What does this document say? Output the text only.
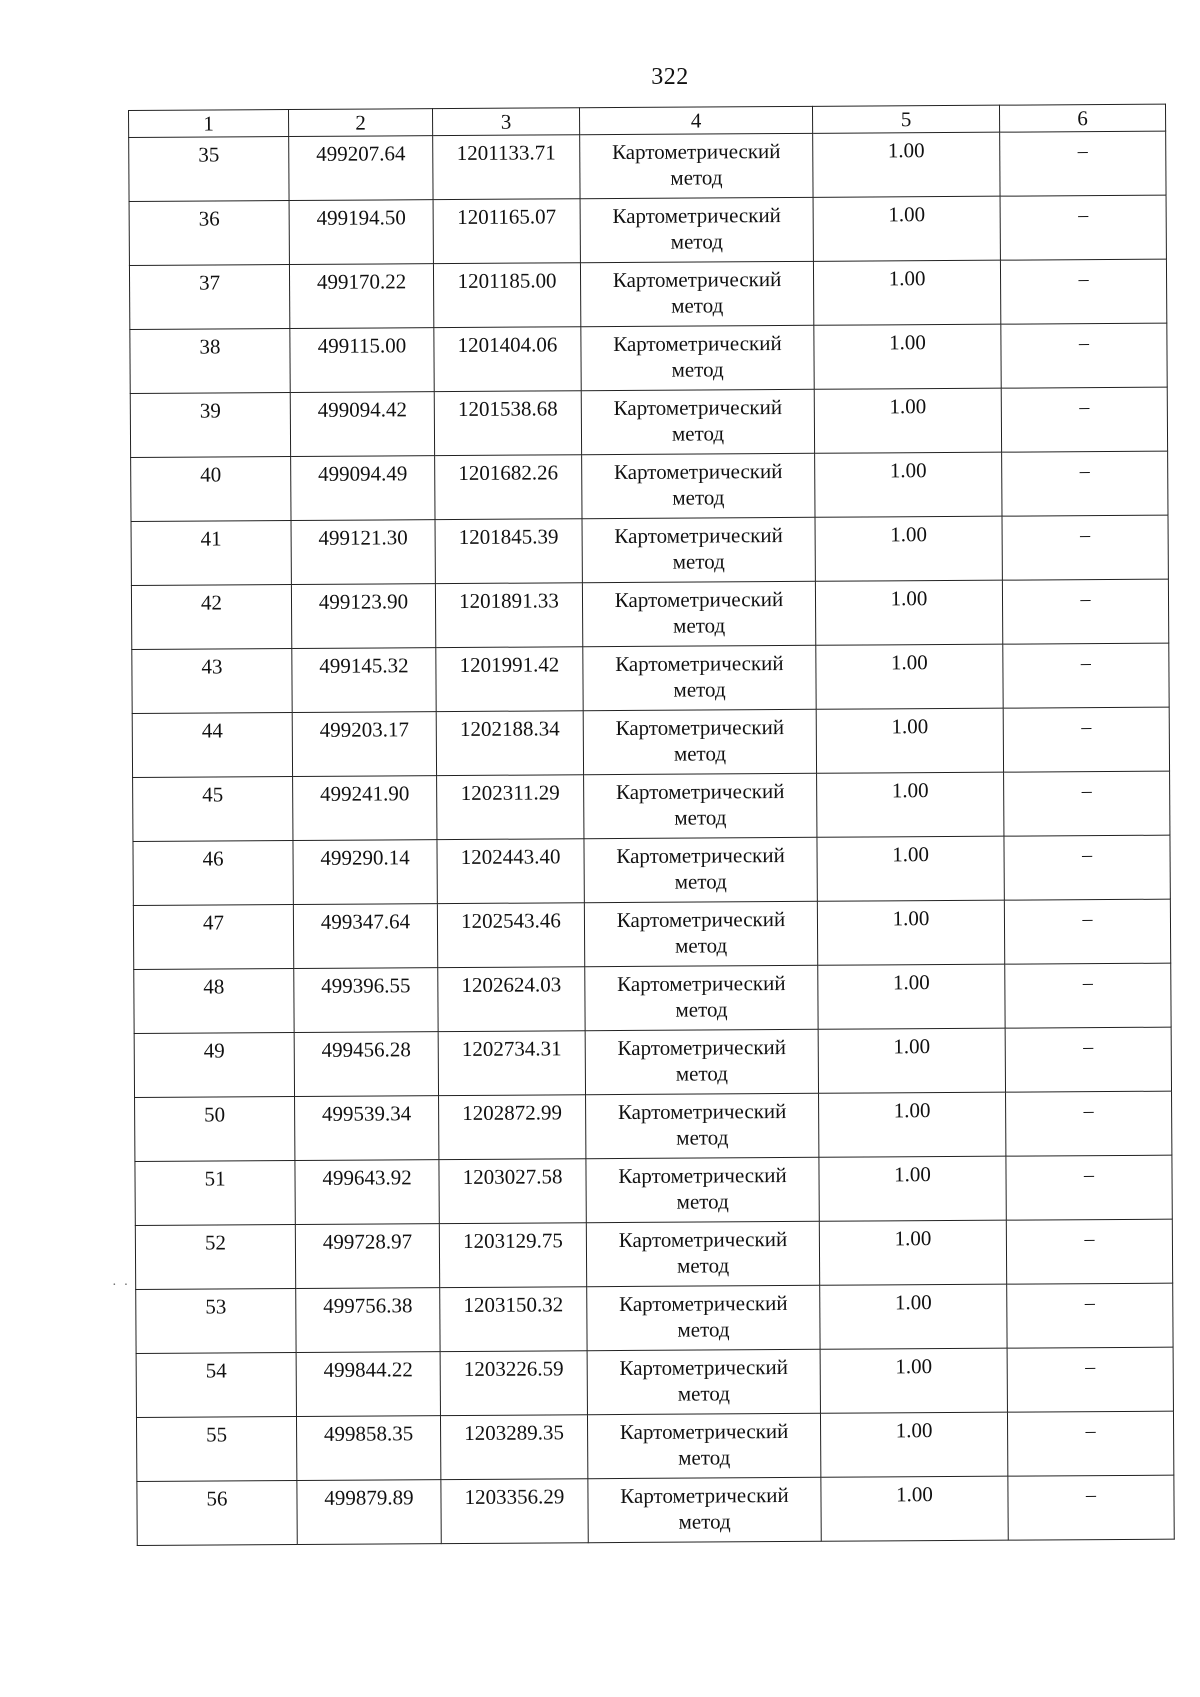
322
·  ·
1	2	3	4	5	6
35	499207.64	1201133.71	Картометрический метод	1.00	–
36	499194.50	1201165.07	Картометрический метод	1.00	–
37	499170.22	1201185.00	Картометрический метод	1.00	–
38	499115.00	1201404.06	Картометрический метод	1.00	–
39	499094.42	1201538.68	Картометрический метод	1.00	–
40	499094.49	1201682.26	Картометрический метод	1.00	–
41	499121.30	1201845.39	Картометрический метод	1.00	–
42	499123.90	1201891.33	Картометрический метод	1.00	–
43	499145.32	1201991.42	Картометрический метод	1.00	–
44	499203.17	1202188.34	Картометрический метод	1.00	–
45	499241.90	1202311.29	Картометрический метод	1.00	–
46	499290.14	1202443.40	Картометрический метод	1.00	–
47	499347.64	1202543.46	Картометрический метод	1.00	–
48	499396.55	1202624.03	Картометрический метод	1.00	–
49	499456.28	1202734.31	Картометрический метод	1.00	–
50	499539.34	1202872.99	Картометрический метод	1.00	–
51	499643.92	1203027.58	Картометрический метод	1.00	–
52	499728.97	1203129.75	Картометрический метод	1.00	–
53	499756.38	1203150.32	Картометрический метод	1.00	–
54	499844.22	1203226.59	Картометрический метод	1.00	–
55	499858.35	1203289.35	Картометрический метод	1.00	–
56	499879.89	1203356.29	Картометрический метод	1.00	–
